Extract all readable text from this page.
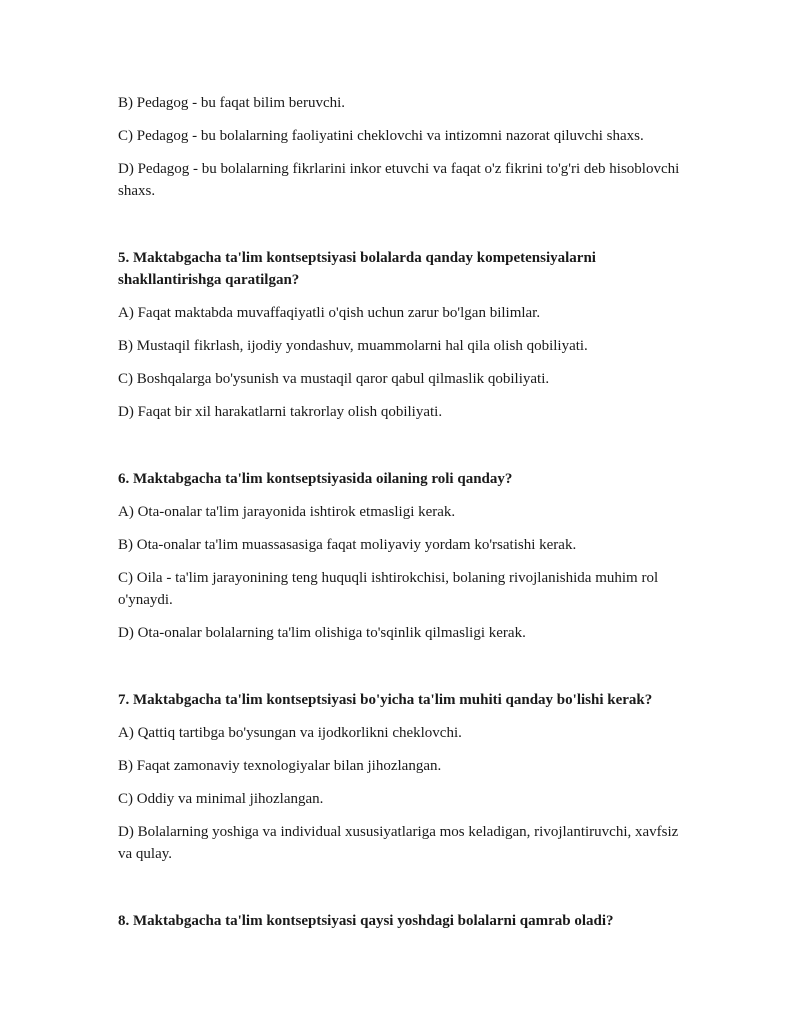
B) Pedagog - bu faqat bilim beruvchi.

C) Pedagog - bu bolalarning faoliyatini cheklovchi va intizomni nazorat qiluvchi shaxs.

D) Pedagog - bu bolalarning fikrlarini inkor etuvchi va faqat o'z fikrini to'g'ri deb hisoblovchi shaxs.

5. Maktabgacha ta'lim kontseptsiyasi bolalarda qanday kompetensiyalarni shakllantirishga qaratilgan?

A) Faqat maktabda muvaffaqiyatli o'qish uchun zarur bo'lgan bilimlar.

B) Mustaqil fikrlash, ijodiy yondashuv, muammolarni hal qila olish qobiliyati.

C) Boshqalarga bo'ysunish va mustaqil qaror qabul qilmaslik qobiliyati.

D) Faqat bir xil harakatlarni takrorlay olish qobiliyati.

6. Maktabgacha ta'lim kontseptsiyasida oilaning roli qanday?

A) Ota-onalar ta'lim jarayonida ishtirok etmasligi kerak.

B) Ota-onalar ta'lim muassasasiga faqat moliyaviy yordam ko'rsatishi kerak.

C) Oila - ta'lim jarayonining teng huquqli ishtirokchisi, bolaning rivojlanishida muhim rol o'ynaydi.

D) Ota-onalar bolalarning ta'lim olishiga to'sqinlik qilmasligi kerak.

7. Maktabgacha ta'lim kontseptsiyasi bo'yicha ta'lim muhiti qanday bo'lishi kerak?

A) Qattiq tartibga bo'ysungan va ijodkorlikni cheklovchi.

B) Faqat zamonaviy texnologiyalar bilan jihozlangan.

C) Oddiy va minimal jihozlangan.

D) Bolalarning yoshiga va individual xususiyatlariga mos keladigan, rivojlantiruvchi, xavfsiz va qulay.

8. Maktabgacha ta'lim kontseptsiyasi qaysi yoshdagi bolalarni qamrab oladi?
